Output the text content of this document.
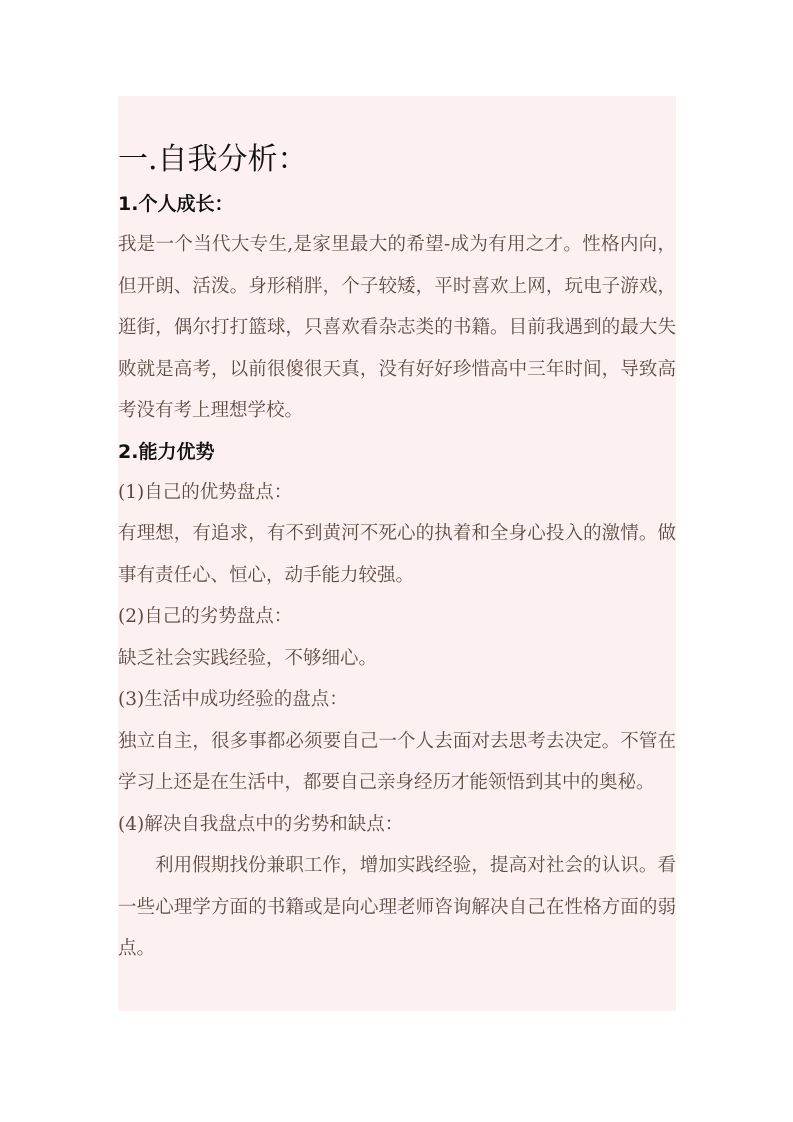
一.自我分析：
1.个人成长：

我是一个当代大专生,是家里最大的希望-成为有用之才。性格内向，但开朗、活泼。身形稍胖，个子较矮，平时喜欢上网，玩电子游戏，逛街，偶尔打打篮球，只喜欢看杂志类的书籍。目前我遇到的最大失败就是高考，以前很傻很天真，没有好好珍惜高中三年时间，导致高考没有考上理想学校。

2.能力优势

(1)自己的优势盘点：

有理想，有追求，有不到黄河不死心的执着和全身心投入的激情。做事有责任心、恒心，动手能力较强。

(2)自己的劣势盘点：

缺乏社会实践经验，不够细心。

(3)生活中成功经验的盘点：

独立自主，很多事都必须要自己一个人去面对去思考去决定。不管在学习上还是在生活中，都要自己亲身经历才能领悟到其中的奥秘。

(4)解决自我盘点中的劣势和缺点：

利用假期找份兼职工作，增加实践经验，提高对社会的认识。看一些心理学方面的书籍或是向心理老师咨询解决自己在性格方面的弱点。
